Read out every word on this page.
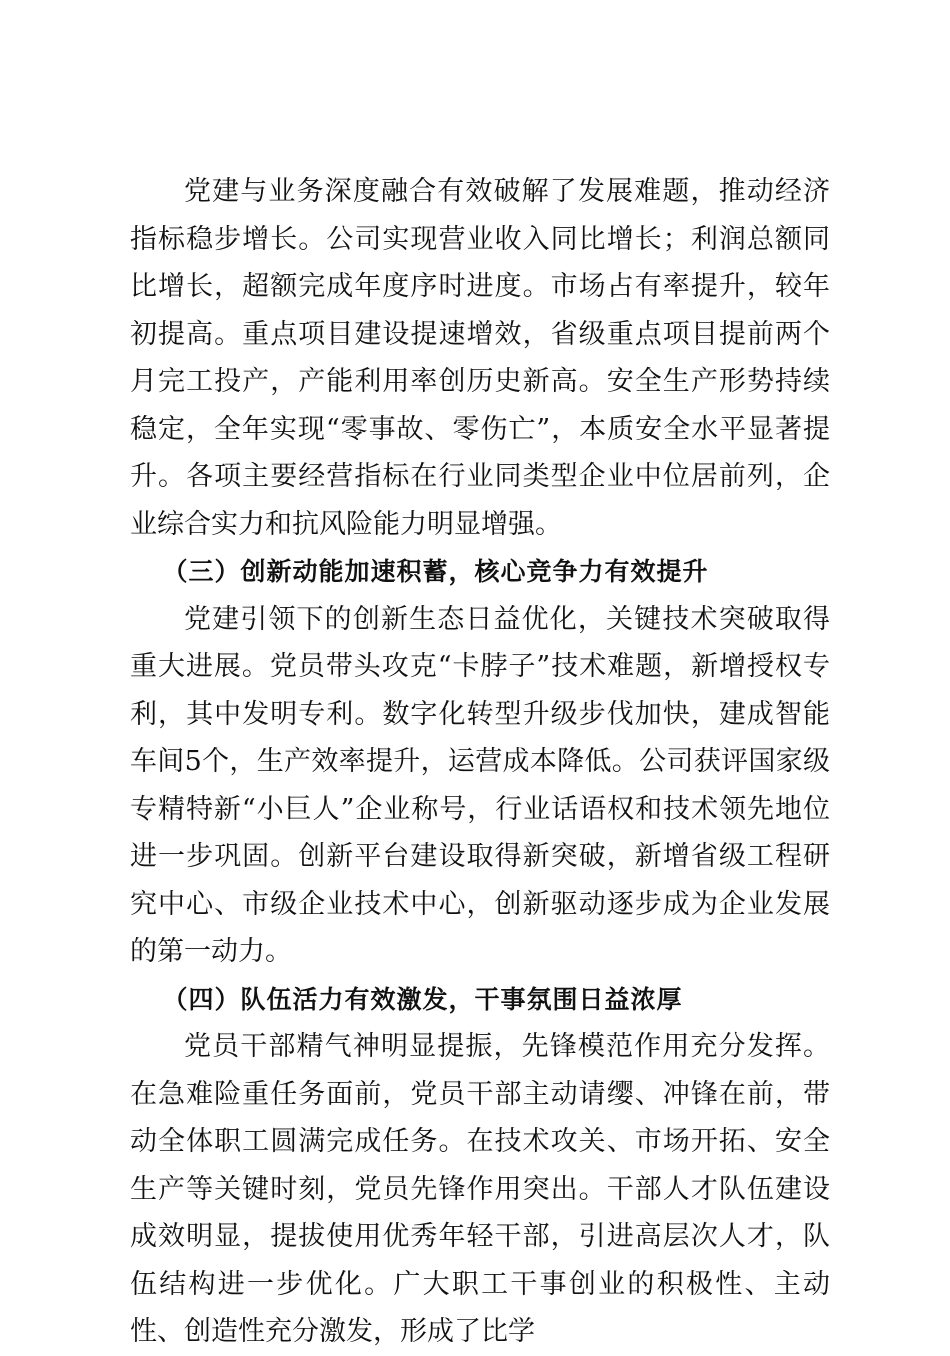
党建与业务深度融合有效破解了发展难题，推动经济指标稳步增长。公司实现营业收入同比增长；利润总额同比增长，超额完成年度序时进度。市场占有率提升，较年初提高。重点项目建设提速增效，省级重点项目提前两个月完工投产，产能利用率创历史新高。安全生产形势持续稳定，全年实现“零事故、零伤亡”，本质安全水平显著提升。各项主要经营指标在行业同类型企业中位居前列，企业综合实力和抗风险能力明显增强。

（三）创新动能加速积蓄，核心竞争力有效提升

党建引领下的创新生态日益优化，关键技术突破取得重大进展。党员带头攻克“卡脖子”技术难题，新增授权专利，其中发明专利。数字化转型升级步伐加快，建成智能车间5个，生产效率提升，运营成本降低。公司获评国家级专精特新“小巨人”企业称号，行业话语权和技术领先地位进一步巩固。创新平台建设取得新突破，新增省级工程研究中心、市级企业技术中心，创新驱动逐步成为企业发展的第一动力。

（四）队伍活力有效激发，干事氛围日益浓厚

党员干部精气神明显提振，先锋模范作用充分发挥。在急难险重任务面前，党员干部主动请缨、冲锋在前，带动全体职工圆满完成任务。在技术攻关、市场开拓、安全生产等关键时刻，党员先锋作用突出。干部人才队伍建设成效明显，提拔使用优秀年轻干部，引进高层次人才，队伍结构进一步优化。广大职工干事创业的积极性、主动性、创造性充分激发，形成了比学
